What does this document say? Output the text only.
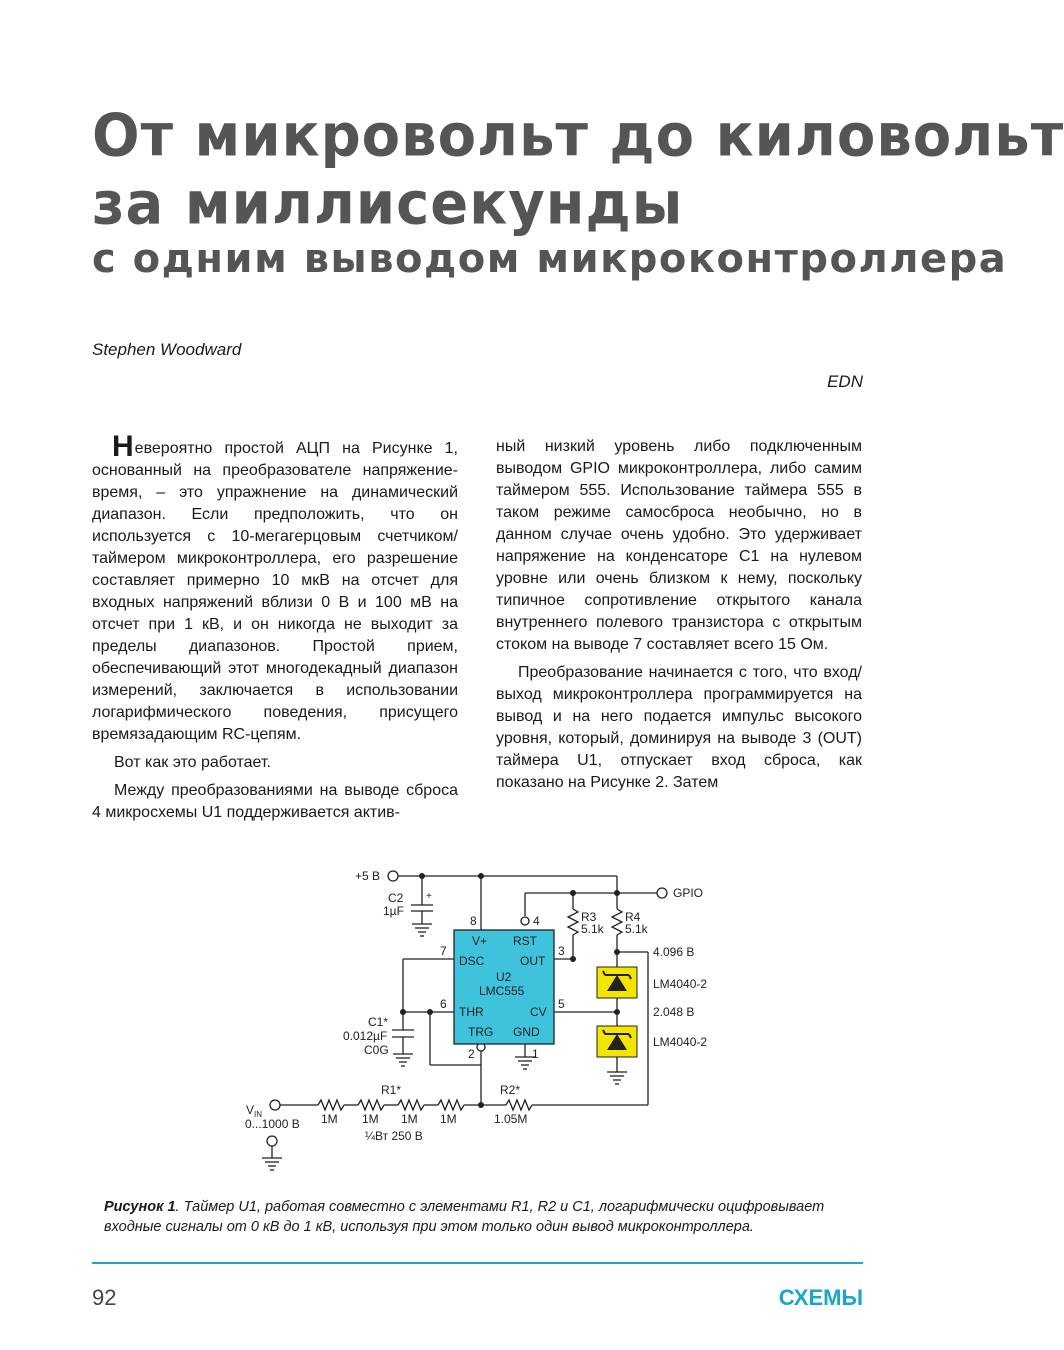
От микровольт до киловольт
за миллисекунды
с одним выводом микроконтроллера
Stephen Woodward
EDN

Невероятно простой АЦП на Рисунке 1, основанный на преобразователе напряжение-время, – это упражнение на динамический диапазон. Если предположить, что он используется с 10-мегагерцовым счетчиком/таймером микроконтроллера, его разрешение составляет примерно 10 мкВ на отсчет для входных напряжений вблизи 0 В и 100 мВ на отсчет при 1 кВ, и он никогда не выходит за пределы диапазонов. Простой прием, обеспечивающий этот многодекадный диапазон измерений, заключается в использовании логарифмического поведения, присущего времязадающим RC-цепям.

Вот как это работает.

Между преобразованиями на выводе сброса 4 микросхемы U1 поддерживается актив-

ный низкий уровень либо подключенным выводом GPIO микроконтроллера, либо самим таймером 555. Использование таймера 555 в таком режиме самосброса необычно, но в данном случае очень удобно. Это удерживает напряжение на конденсаторе C1 на нулевом уровне или очень близком к нему, поскольку типичное сопротивление открытого канала внутреннего полевого транзистора с открытым стоком на выводе 7 составляет всего 15 Ом.

Преобразование начинается с того, что вход/выход микроконтроллера программируется на вывод и на него подается импульс высокого уровня, который, доминируя на выводе 3 (OUT) таймера U1, отпускает вход сброса, как показано на Рисунке 2. Затем

+5 В
GPIO
C2 +
1µF
8	4	R3
5.1k
R4
5.1k
4.096 В
LM4040-2
2.048 В
LM4040-2
7	3
6	5
2	1
V+ RST
DSC	OUT
U2
LMC555
THR	CV
TRG GND
C1*
0.012µF
C0G
R1*
1M 1M 1M 1M
¼Вт 250 В
R2*
1.05M
$V_{IN}$
0...1000 В
Рисунок 1. Таймер U1, работая совместно с элементами R1, R2 и C1, логарифмически оцифровывает входные сигналы от 0 кВ до 1 кВ, используя при этом только один вывод микроконтроллера.
92	СХЕМЫ
